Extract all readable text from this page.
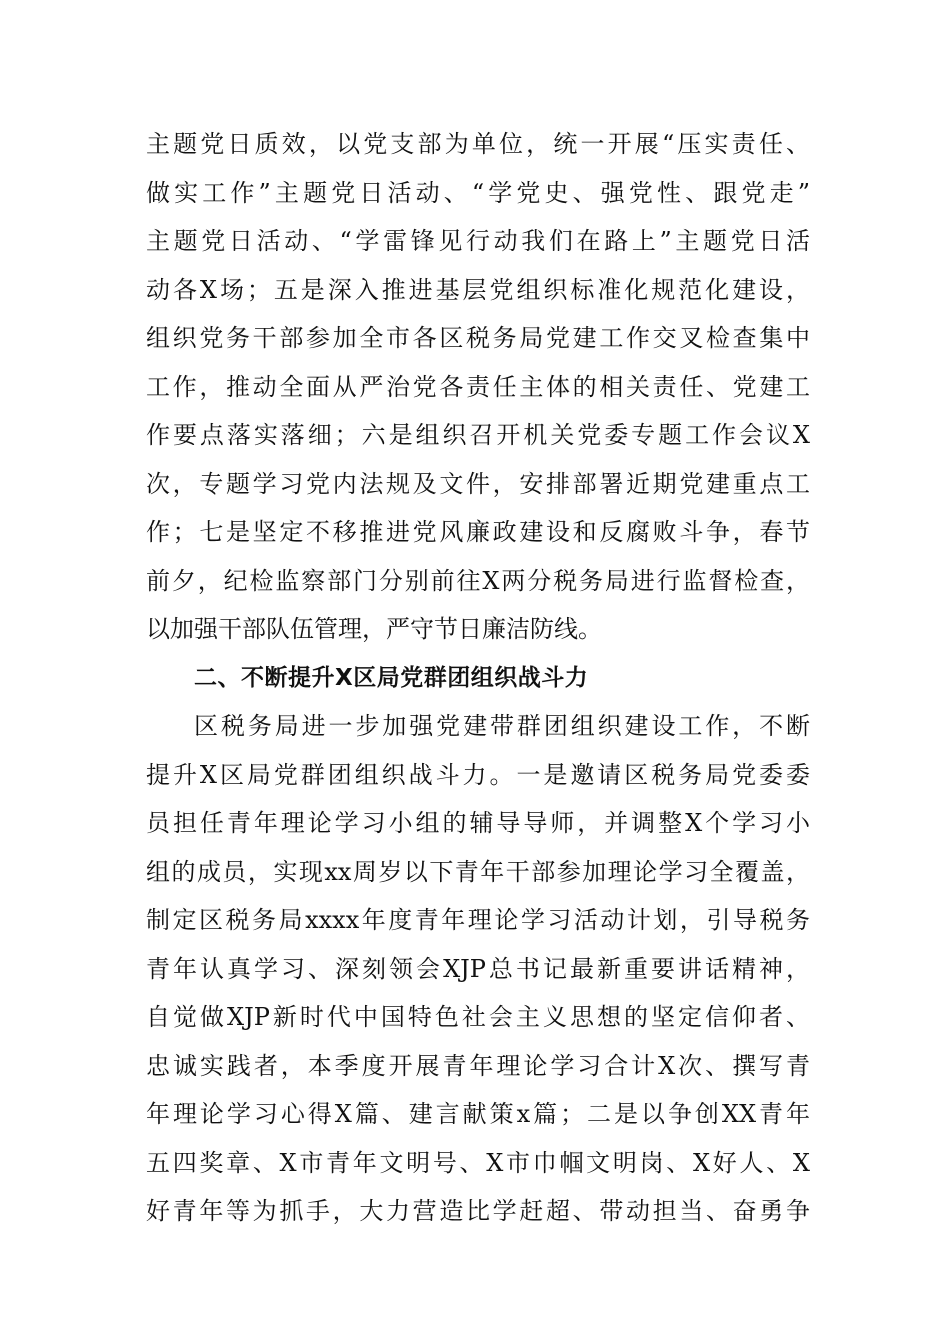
主题党日质效，以党支部为单位，统一开展“压实责任、
做实工作”主题党日活动、“学党史、强党性、跟党走”
主题党日活动、“学雷锋见行动我们在路上”主题党日活
动各X场；五是深入推进基层党组织标准化规范化建设，
组织党务干部参加全市各区税务局党建工作交叉检查集中
工作，推动全面从严治党各责任主体的相关责任、党建工
作要点落实落细；六是组织召开机关党委专题工作会议X
次，专题学习党内法规及文件，安排部署近期党建重点工
作；七是坚定不移推进党风廉政建设和反腐败斗争，春节
前夕，纪检监察部门分别前往X两分税务局进行监督检查，
以加强干部队伍管理，严守节日廉洁防线。
二、不断提升X区局党群团组织战斗力
区税务局进一步加强党建带群团组织建设工作，不断
提升X区局党群团组织战斗力。一是邀请区税务局党委委
员担任青年理论学习小组的辅导导师，并调整X个学习小
组的成员，实现xx周岁以下青年干部参加理论学习全覆盖，
制定区税务局xxxx年度青年理论学习活动计划，引导税务
青年认真学习、深刻领会XJP总书记最新重要讲话精神，
自觉做XJP新时代中国特色社会主义思想的坚定信仰者、
忠诚实践者，本季度开展青年理论学习合计X次、撰写青
年理论学习心得X篇、建言献策x篇；二是以争创XX青年
五四奖章、X市青年文明号、X市巾帼文明岗、X好人、X
好青年等为抓手，大力营造比学赶超、带动担当、奋勇争
